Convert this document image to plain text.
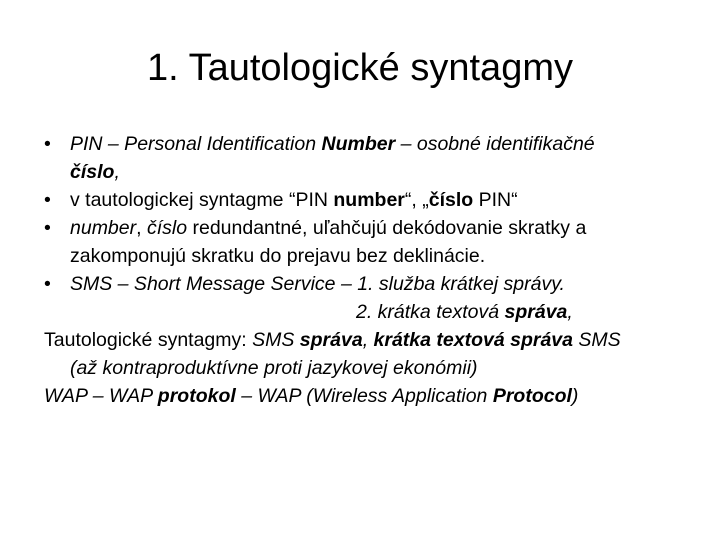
1. Tautologické syntagmy

• PIN – Personal Identification Number – osobné identifikačné
číslo,

• v tautologickej syntagme “PIN number“, „číslo PIN“

• number, číslo redundantné, uľahčujú dekódovanie skratky a
zakomponujú skratku do prejavu bez deklinácie.

• SMS – Short Message Service – 1. služba krátkej správy.
2. krátka textová správa,

Tautologické syntagmy: SMS správa, krátka textová správa SMS

(až kontraproduktívne proti jazykovej ekonómii)

WAP – WAP protokol – WAP (Wireless Application Protocol)
